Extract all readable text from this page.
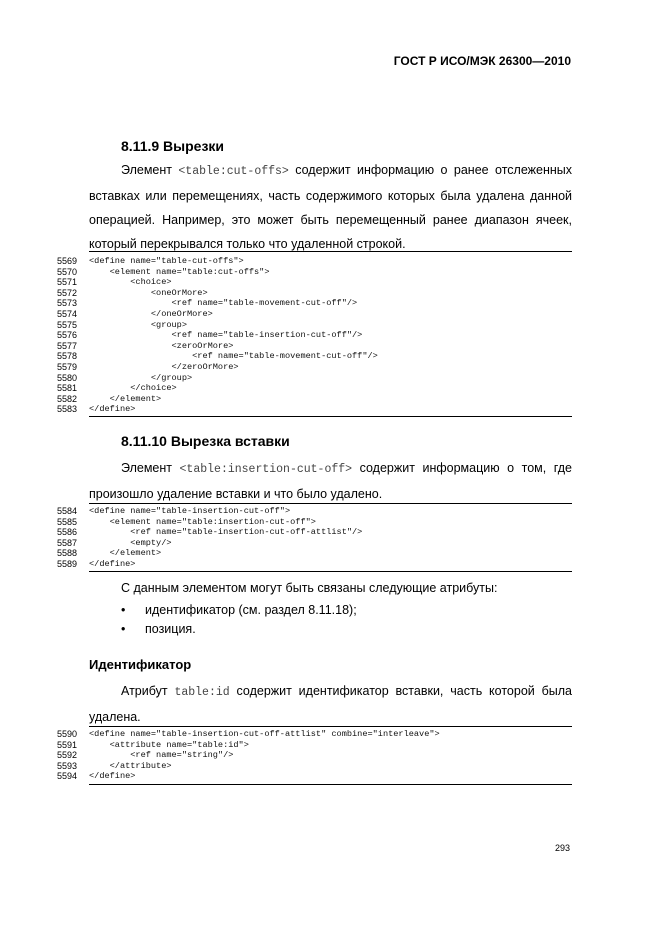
ГОСТ Р ИСО/МЭК 26300—2010
8.11.9 Вырезки

Элемент <table:cut-offs> содержит информацию о ранее отслеженных вставках или перемещениях, часть содержимого которых была удалена данной операцией. Например, это может быть перемещенный ранее диапазон ячеек, который перекрывался только что удаленной строкой.

5569 <define name="table-cut-offs">
5570 <element name="table:cut-offs">
5571 <choice>
5572 <oneOrMore>
5573 <ref name="table-movement-cut-off"/>
5574 </oneOrMore>
5575 <group>
5576 <ref name="table-insertion-cut-off"/>
5577 <zeroOrMore>
5578 <ref name="table-movement-cut-off"/>
5579 </zeroOrMore>
5580 </group>
5581 </choice>
5582 </element>
5583 </define>
8.11.10 Вырезка вставки

Элемент <table:insertion-cut-off> содержит информацию о том, где произошло удаление вставки и что было удалено.

5584 <define name="table-insertion-cut-off">
5585 <element name="table:insertion-cut-off">
5586 <ref name="table-insertion-cut-off-attlist"/>
5587 <empty/>
5588 </element>
5589 </define>
С данным элементом могут быть связаны следующие атрибуты:
• идентификатор (см. раздел 8.11.18);
• позиция.
Идентификатор

Атрибут table:id содержит идентификатор вставки, часть которой была удалена.

5590 <define name="table-insertion-cut-off-attlist" combine="interleave">
5591 <attribute name="table:id">
5592 <ref name="string"/>
5593 </attribute>
5594 </define>
293
